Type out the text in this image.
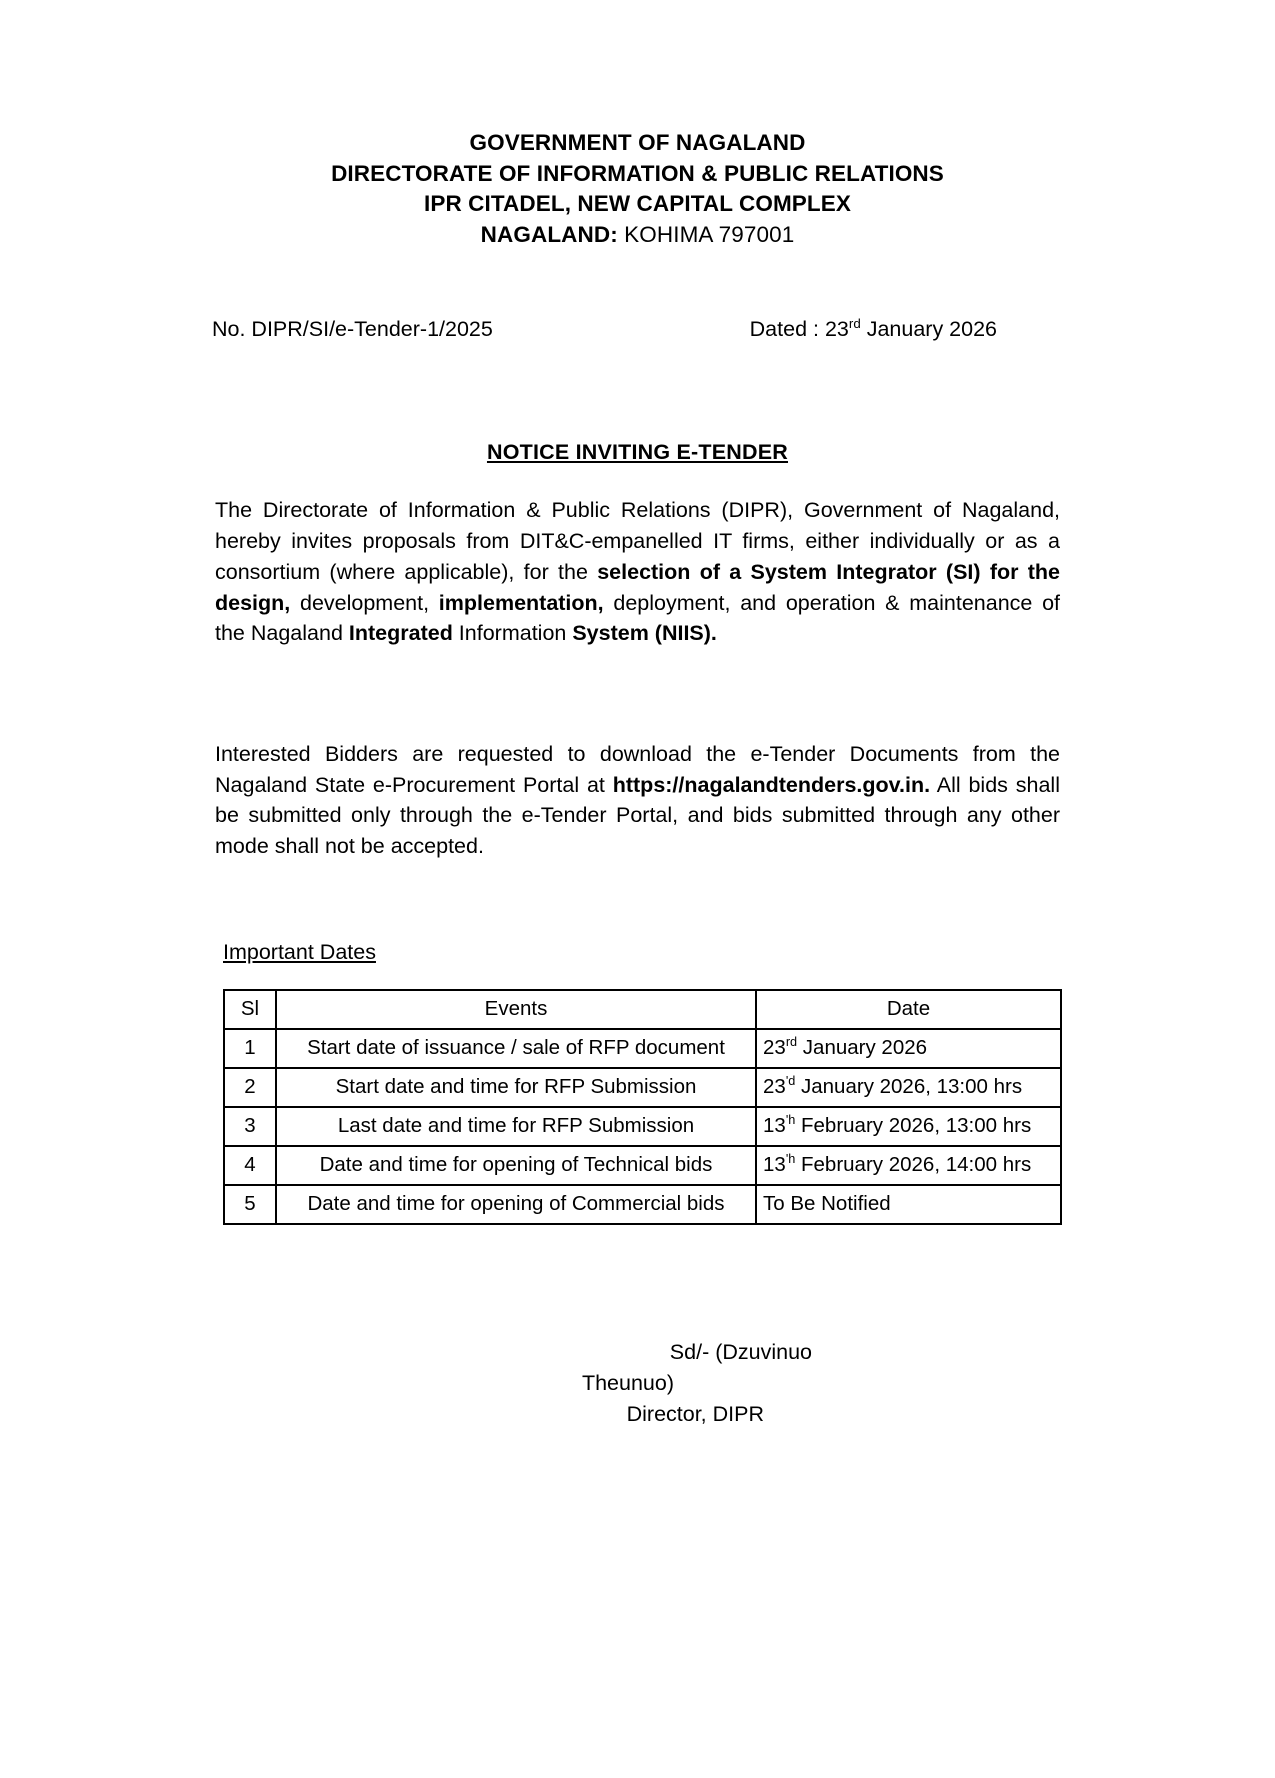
GOVERNMENT OF NAGALAND
DIRECTORATE OF INFORMATION & PUBLIC RELATIONS
IPR CITADEL, NEW CAPITAL COMPLEX
NAGALAND: KOHIMA 797001
No. DIPR/SI/e-Tender-1/2025	Dated : 23rd January 2026
NOTICE INVITING E-TENDER

The Directorate of Information & Public Relations (DIPR), Government of Nagaland, hereby invites proposals from DIT&C-empanelled IT firms, either individually or as a consortium (where applicable), for the selection of a System Integrator (SI) for the design, development, implementation, deployment, and operation & maintenance of the Nagaland Integrated Information System (NIIS).

Interested Bidders are requested to download the e-Tender Documents from the Nagaland State e-Procurement Portal at https://nagalandtenders.gov.in. All bids shall be submitted only through the e-Tender Portal, and bids submitted through any other mode shall not be accepted.

Important Dates
Sl	Events	Date
1	Start date of issuance / sale of RFP document	23rd January 2026
2	Start date and time for RFP Submission	$23^{'d}$ January 2026, 13:00 hrs
3	Last date and time for RFP Submission	$13^{'h}$ February 2026, 13:00 hrs
4	Date and time for opening of Technical bids	$13^{'h}$ February 2026, 14:00 hrs
5	Date and time for opening of Commercial bids	To Be Notified
Sd/- (Dzuvinuo
Theunuo)
Director, DIPR
